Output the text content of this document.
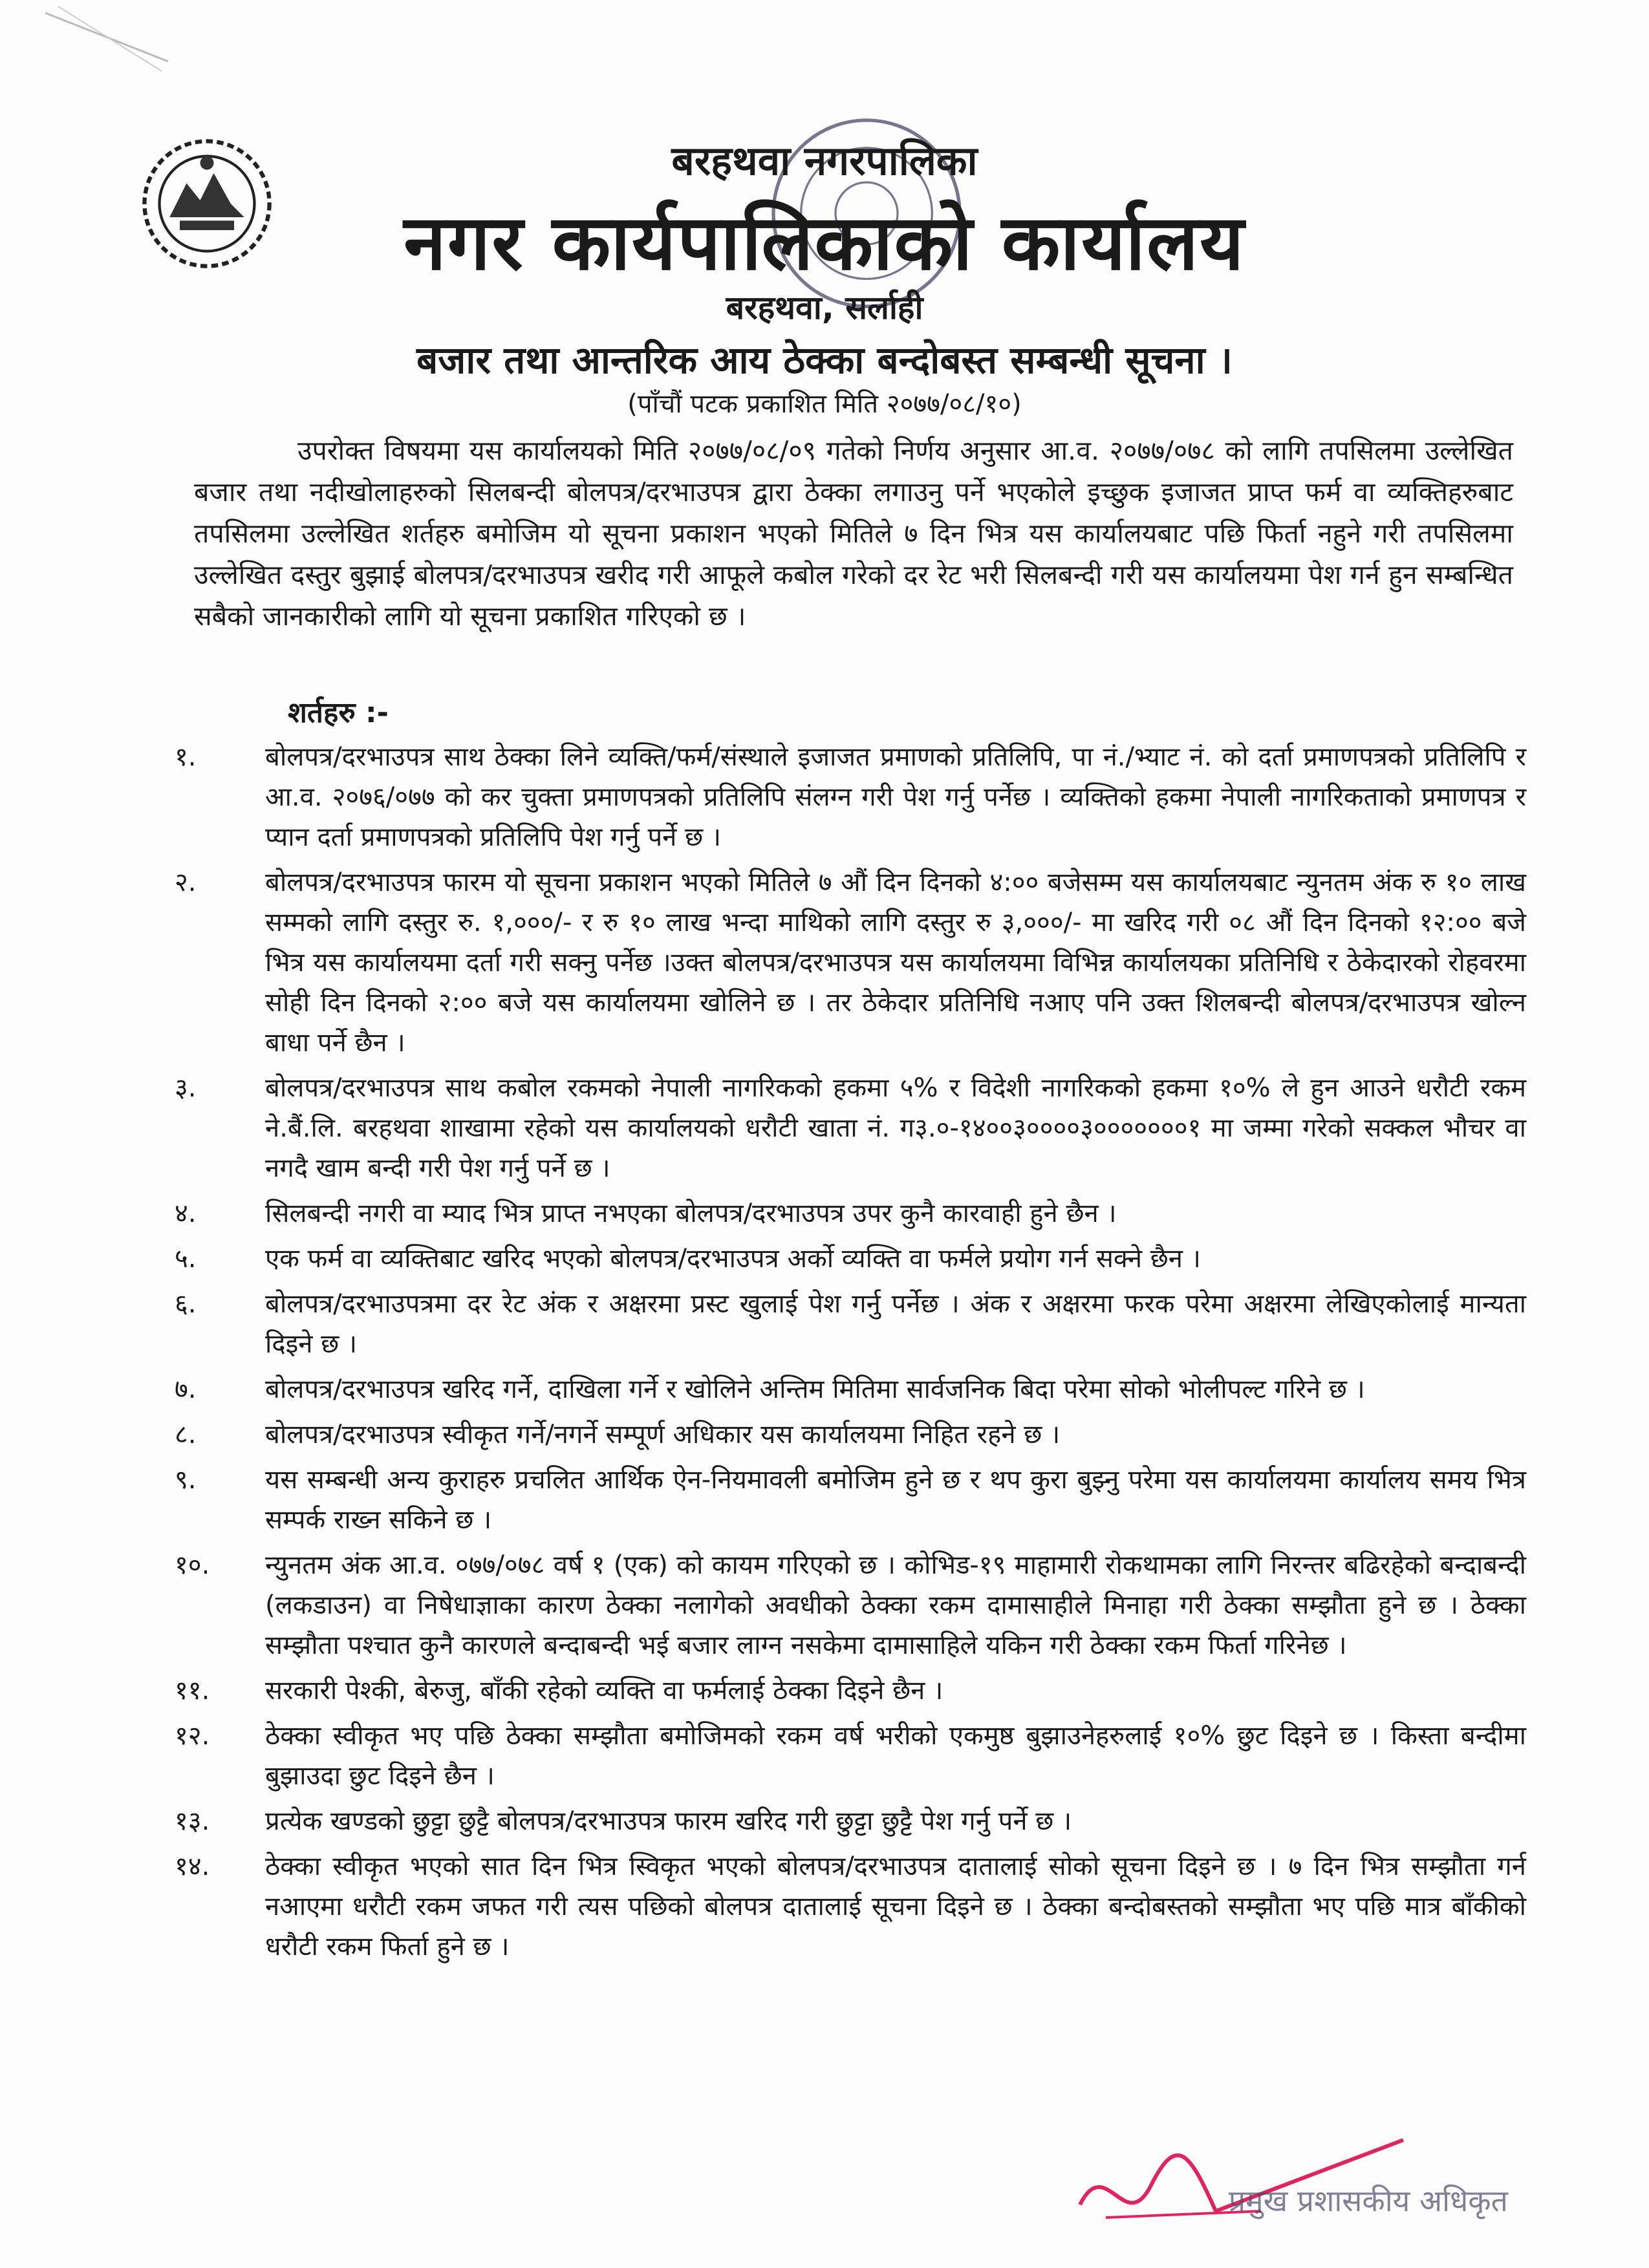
बरहथवा नगरपालिका
नगर कार्यपालिकाको कार्यालय
बरहथवा, सर्लाही
बजार तथा आन्तरिक आय ठेक्का बन्दोबस्त सम्बन्धी सूचना ।
(पाँचौं पटक प्रकाशित मिति २०७७/०८/१०)
उपरोक्त विषयमा यस कार्यालयको मिति २०७७/०८/०९ गतेको निर्णय अनुसार आ.व. २०७७/०७८ को लागि तपसिलमा उल्लेखित बजार तथा नदीखोलाहरुको सिलबन्दी बोलपत्र/दरभाउपत्र द्वारा ठेक्का लगाउनु पर्ने भएकोले इच्छुक इजाजत प्राप्त फर्म वा व्यक्तिहरुबाट तपसिलमा उल्लेखित शर्तहरु बमोजिम यो सूचना प्रकाशन भएको मितिले ७ दिन भित्र यस कार्यालयबाट पछि फिर्ता नहुने गरी तपसिलमा उल्लेखित दस्तुर बुझाई बोलपत्र/दरभाउपत्र खरीद गरी आफूले कबोल गरेको दर रेट भरी सिलबन्दी गरी यस कार्यालयमा पेश गर्न हुन सम्बन्धित सबैको जानकारीको लागि यो सूचना प्रकाशित गरिएको छ ।
शर्तहरु :-
१.	बोलपत्र/दरभाउपत्र साथ ठेक्का लिने व्यक्ति/फर्म/संस्थाले इजाजत प्रमाणको प्रतिलिपि, पा नं./भ्याट नं. को दर्ता प्रमाणपत्रको प्रतिलिपि र आ.व. २०७६/०७७ को कर चुक्ता प्रमाणपत्रको प्रतिलिपि संलग्न गरी पेश गर्नु पर्नेछ । व्यक्तिको हकमा नेपाली नागरिकताको प्रमाणपत्र र प्यान दर्ता प्रमाणपत्रको प्रतिलिपि पेश गर्नु पर्ने छ ।
२.	बोलपत्र/दरभाउपत्र फारम यो सूचना प्रकाशन भएको मितिले ७ औं दिन दिनको ४:०० बजेसम्म यस कार्यालयबाट न्युनतम अंक रु १० लाख सम्मको लागि दस्तुर रु. १,०००/- र रु १० लाख भन्दा माथिको लागि दस्तुर रु ३,०००/- मा खरिद गरी ०८ औं दिन दिनको १२:०० बजे भित्र यस कार्यालयमा दर्ता गरी सक्नु पर्नेछ ।उक्त बोलपत्र/दरभाउपत्र यस कार्यालयमा विभिन्न कार्यालयका प्रतिनिधि र ठेकेदारको रोहवरमा सोही दिन दिनको २:०० बजे यस कार्यालयमा खोलिने छ । तर ठेकेदार प्रतिनिधि नआए पनि उक्त शिलबन्दी बोलपत्र/दरभाउपत्र खोल्न बाधा पर्ने छैन ।
३.	बोलपत्र/दरभाउपत्र साथ कबोल रकमको नेपाली नागरिकको हकमा ५% र विदेशी नागरिकको हकमा १०% ले हुन आउने धरौटी रकम ने.बैं.लि. बरहथवा शाखामा रहेको यस कार्यालयको धरौटी खाता नं. ग३.०-१४००३००००३०००००००१ मा जम्मा गरेको सक्कल भौचर वा नगदै खाम बन्दी गरी पेश गर्नु पर्ने छ ।
४.	सिलबन्दी नगरी वा म्याद भित्र प्राप्त नभएका बोलपत्र/दरभाउपत्र उपर कुनै कारवाही हुने छैन ।
५.	एक फर्म वा व्यक्तिबाट खरिद भएको बोलपत्र/दरभाउपत्र अर्को व्यक्ति वा फर्मले प्रयोग गर्न सक्ने छैन ।
६.	बोलपत्र/दरभाउपत्रमा दर रेट अंक र अक्षरमा प्रस्ट खुलाई पेश गर्नु पर्नेछ । अंक र अक्षरमा फरक परेमा अक्षरमा लेखिएकोलाई मान्यता दिइने छ ।
७.	बोलपत्र/दरभाउपत्र खरिद गर्ने, दाखिला गर्ने र खोलिने अन्तिम मितिमा सार्वजनिक बिदा परेमा सोको भोलीपल्ट गरिने छ ।
८.	बोलपत्र/दरभाउपत्र स्वीकृत गर्ने/नगर्ने सम्पूर्ण अधिकार यस कार्यालयमा निहित रहने छ ।
९.	यस सम्बन्धी अन्य कुराहरु प्रचलित आर्थिक ऐन-नियमावली बमोजिम हुने छ र थप कुरा बुझ्नु परेमा यस कार्यालयमा कार्यालय समय भित्र सम्पर्क राख्न सकिने छ ।
१०.	न्युनतम अंक आ.व. ०७७/०७८ वर्ष १ (एक) को कायम गरिएको छ । कोभिड-१९ माहामारी रोकथामका लागि निरन्तर बढिरहेको बन्दाबन्दी (लकडाउन) वा निषेधाज्ञाका कारण ठेक्का नलागेको अवधीको ठेक्का रकम दामासाहीले मिनाहा गरी ठेक्का सम्झौता हुने छ । ठेक्का सम्झौता पश्चात कुनै कारणले बन्दाबन्दी भई बजार लाग्न नसकेमा दामासाहिले यकिन गरी ठेक्का रकम फिर्ता गरिनेछ ।
११.	सरकारी पेश्की, बेरुजु, बाँकी रहेको व्यक्ति वा फर्मलाई ठेक्का दिइने छैन ।
१२.	ठेक्का स्वीकृत भए पछि ठेक्का सम्झौता बमोजिमको रकम वर्ष भरीको एकमुष्ठ बुझाउनेहरुलाई १०% छुट दिइने छ । किस्ता बन्दीमा बुझाउदा छुट दिइने छैन ।
१३.	प्रत्येक खण्डको छुट्टा छुट्टै बोलपत्र/दरभाउपत्र फारम खरिद गरी छुट्टा छुट्टै पेश गर्नु पर्ने छ ।
१४.	ठेक्का स्वीकृत भएको सात दिन भित्र स्विकृत भएको बोलपत्र/दरभाउपत्र दातालाई सोको सूचना दिइने छ । ७ दिन भित्र सम्झौता गर्न नआएमा धरौटी रकम जफत गरी त्यस पछिको बोलपत्र दातालाई सूचना दिइने छ । ठेक्का बन्दोबस्तको सम्झौता भए पछि मात्र बाँकीको धरौटी रकम फिर्ता हुने छ ।
प्रमुख प्रशासकीय अधिकृत
